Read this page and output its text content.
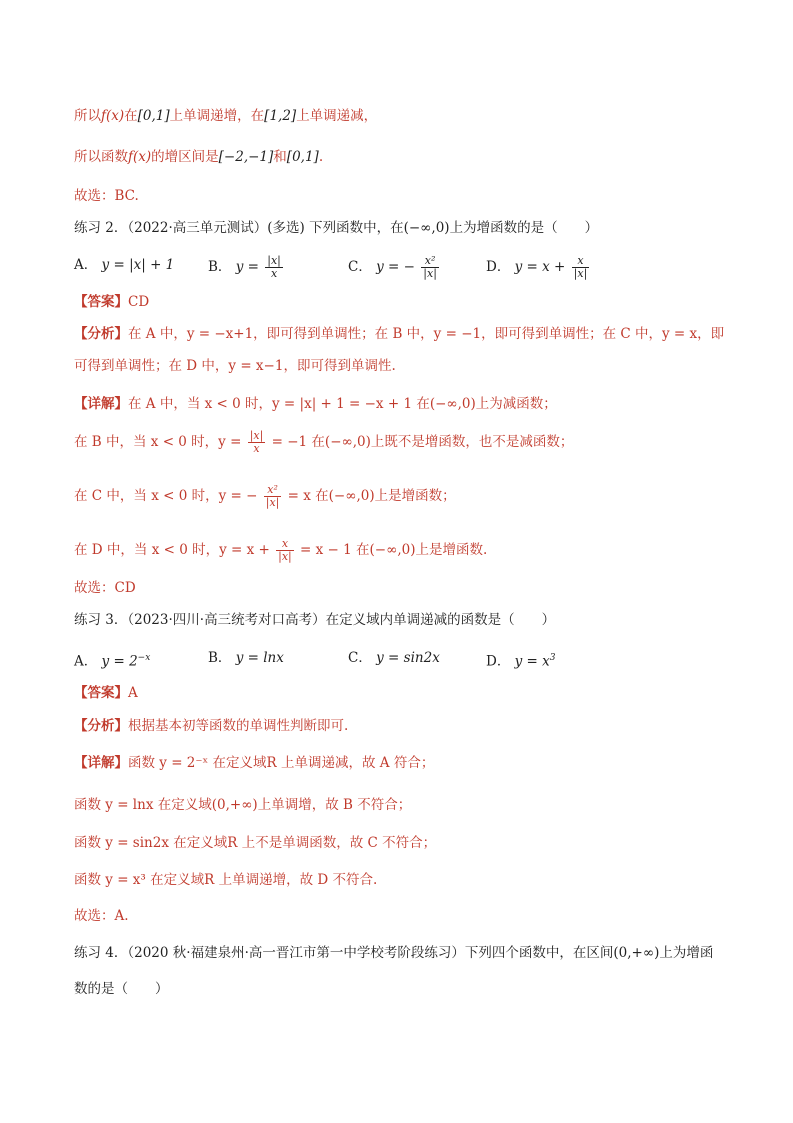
所以f(x)在[0,1]上单调递增，在[1,2]上单调递减，
所以函数f(x)的增区间是[−2,−1]和[0,1].
故选：BC.
练习 2．（2022·高三单元测试）(多选) 下列函数中，在(−∞,0)上为增函数的是（　　）
A． y = |x| + 1 B． $y = \frac{|x|}{x}$	C． y = − $\frac{\text{x²}}{|x|}$	D． $y = x + \frac{x}{|x|}$
【答案】CD
【分析】在 A 中，y = −x+1，即可得到单调性；在 B 中，y = −1，即可得到单调性；在 C 中，y = x，即
可得到单调性；在 D 中，y = x−1，即可得到单调性.
【详解】在 A 中，当 x < 0 时，y = |x| + 1 = −x + 1 在(−∞,0)上为减函数；
在 B 中，当 x < 0 时，$y = \frac{|x|}{x} = -1$ 在(−∞,0)上既不是增函数，也不是减函数；
在 C 中，当 x < 0 时，y = − $\frac{\text{x²}}{|x|} = x$ 在(−∞,0)上是增函数；
在 D 中，当 x < 0 时，$y = x + \frac{x}{|x|} = x - 1$ 在(−∞,0)上是增函数.
故选：CD
练习 3．（2023·四川·高三统考对口高考）在定义域内单调递减的函数是（　　）
A． $y = 2^{-x}$	B． y = lnx	C． y = sin2x	D． $y = x^3$
【答案】A
【分析】根据基本初等函数的单调性判断即可.
【详解】函数 y = 2⁻ˣ 在定义域R 上单调递减，故 A 符合；
函数 y = lnx 在定义域(0,+∞)上单调增，故 B 不符合；
函数 y = sin2x 在定义域R 上不是单调函数，故 C 不符合；
函数 y = x³ 在定义域R 上单调递增，故 D 不符合.
故选：A.
练习 4．（2020 秋·福建泉州·高一晋江市第一中学校考阶段练习）下列四个函数中，在区间(0,+∞)上为增函
数的是（　　）
